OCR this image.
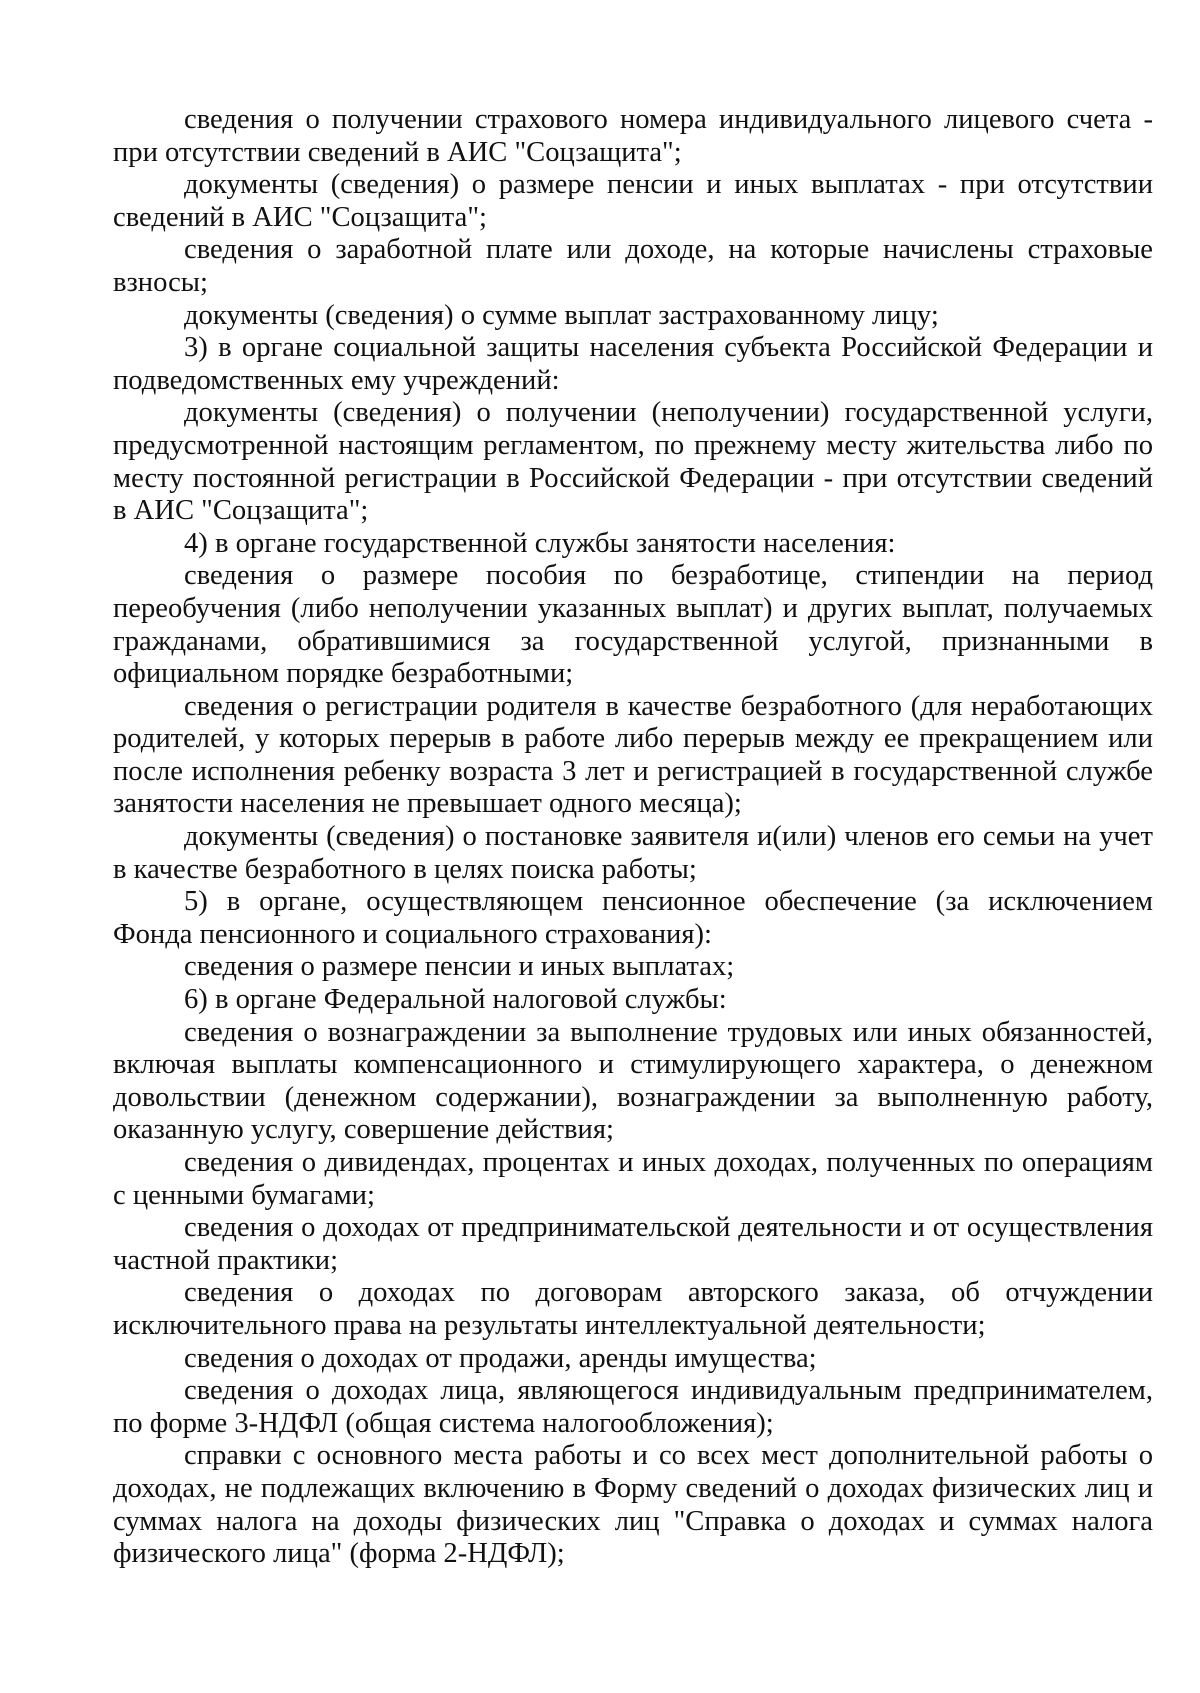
сведения о получении страхового номера индивидуального лицевого счета - при отсутствии сведений в АИС "Соцзащита";

документы (сведения) о размере пенсии и иных выплатах - при отсутствии сведений в АИС "Соцзащита";

сведения о заработной плате или доходе, на которые начислены страховые взносы;

документы (сведения) о сумме выплат застрахованному лицу;

3) в органе социальной защиты населения субъекта Российской Федерации и подведомственных ему учреждений:

документы (сведения) о получении (неполучении) государственной услуги, предусмотренной настоящим регламентом, по прежнему месту жительства либо по месту постоянной регистрации в Российской Федерации - при отсутствии сведений в АИС "Соцзащита";

4) в органе государственной службы занятости населения:

сведения о размере пособия по безработице, стипендии на период переобучения (либо неполучении указанных выплат) и других выплат, получаемых гражданами, обратившимися за государственной услугой, признанными в официальном порядке безработными;

сведения о регистрации родителя в качестве безработного (для неработающих родителей, у которых перерыв в работе либо перерыв между ее прекращением или после исполнения ребенку возраста 3 лет и регистрацией в государственной службе занятости населения не превышает одного месяца);

документы (сведения) о постановке заявителя и(или) членов его семьи на учет в качестве безработного в целях поиска работы;

5) в органе, осуществляющем пенсионное обеспечение (за исключением Фонда пенсионного и социального страхования):

сведения о размере пенсии и иных выплатах;

6) в органе Федеральной налоговой службы:

сведения о вознаграждении за выполнение трудовых или иных обязанностей, включая выплаты компенсационного и стимулирующего характера, о денежном довольствии (денежном содержании), вознаграждении за выполненную работу, оказанную услугу, совершение действия;

сведения о дивидендах, процентах и иных доходах, полученных по операциям с ценными бумагами;

сведения о доходах от предпринимательской деятельности и от осуществления частной практики;

сведения о доходах по договорам авторского заказа, об отчуждении исключительного права на результаты интеллектуальной деятельности;

сведения о доходах от продажи, аренды имущества;

сведения о доходах лица, являющегося индивидуальным предпринимателем, по форме 3-НДФЛ (общая система налогообложения);

справки с основного места работы и со всех мест дополнительной работы о доходах, не подлежащих включению в Форму сведений о доходах физических лиц и суммах налога на доходы физических лиц "Справка о доходах и суммах налога физического лица" (форма 2-НДФЛ);
